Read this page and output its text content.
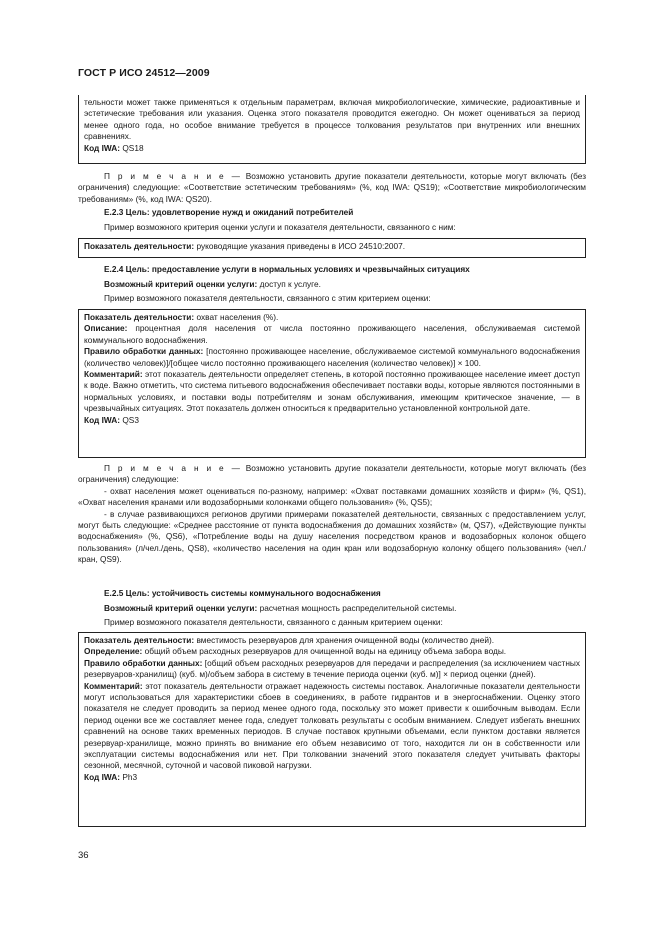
ГОСТ Р ИСО 24512—2009

тельности может также применяться к отдельным параметрам, включая микробиологические, химические, радиоактивные и эстетические требования или указания. Оценка этого показателя проводится ежегодно. Он может оцениваться за период менее одного года, но особое внимание требуется в процессе толкования результатов при внутренних или внешних сравнениях.

Код IWA: QS18

П р и м е ч а н и е — Возможно установить другие показатели деятельности, которые могут включать (без ограничения) следующие: «Соответствие эстетическим требованиям» (%, код IWA: QS19); «Соответствие микробиологическим требованиям» (%, код IWA: QS20).

E.2.3 Цель: удовлетворение нужд и ожиданий потребителей

Пример возможного критерия оценки услуги и показателя деятельности, связанного с ним:

Показатель деятельности: руководящие указания приведены в ИСО 24510:2007.

E.2.4 Цель: предоставление услуги в нормальных условиях и чрезвычайных ситуациях

Возможный критерий оценки услуги: доступ к услуге.

Пример возможного показателя деятельности, связанного с этим критерием оценки:

Показатель деятельности: охват населения (%).

Описание: процентная доля населения от числа постоянно проживающего населения, обслуживаемая системой коммунального водоснабжения.

Правило обработки данных: [постоянно проживающее население, обслуживаемое системой коммунального водоснабжения (количество человек)]/[общее число постоянно проживающего населения (количество человек)] × 100.

Комментарий: этот показатель деятельности определяет степень, в которой постоянно проживающее население имеет доступ к воде. Важно отметить, что система питьевого водоснабжения обеспечивает поставки воды, которые являются постоянными в нормальных условиях, и поставки воды потребителям и зонам обслуживания, имеющим критическое значение, — в чрезвычайных ситуациях. Этот показатель должен относиться к предварительно установленной контрольной дате.

Код IWA: QS3

П р и м е ч а н и е — Возможно установить другие показатели деятельности, которые могут включать (без ограничения) следующие:

- охват населения может оцениваться по-разному, например: «Охват поставками домашних хозяйств и фирм» (%, QS1), «Охват населения кранами или водозаборными колонками общего пользования» (%, QS5);

- в случае развивающихся регионов другими примерами показателей деятельности, связанных с предоставлением услуг, могут быть следующие: «Среднее расстояние от пункта водоснабжения до домашних хозяйств» (м, QS7), «Действующие пункты водоснабжения» (%, QS6), «Потребление воды на душу населения посредством кранов и водозаборных колонок общего пользования» (л/чел./день, QS8), «количество населения на один кран или водозаборную колонку общего пользования» (чел./кран, QS9).

E.2.5 Цель: устойчивость системы коммунального водоснабжения

Возможный критерий оценки услуги: расчетная мощность распределительной системы.

Пример возможного показателя деятельности, связанного с данным критерием оценки:

Показатель деятельности: вместимость резервуаров для хранения очищенной воды (количество дней).

Определение: общий объем расходных резервуаров для очищенной воды на единицу объема забора воды.

Правило обработки данных: [общий объем расходных резервуаров для передачи и распределения (за исключением частных резервуаров-хранилищ) (куб. м)/объем забора в систему в течение периода оценки (куб. м)] × период оценки (дней).

Комментарий: этот показатель деятельности отражает надежность системы поставок. Аналогичные показатели деятельности могут использоваться для характеристики сбоев в соединениях, в работе гидрантов и в энергоснабжении. Оценку этого показателя не следует проводить за период менее одного года, поскольку это может привести к ошибочным выводам. Если период оценки все же составляет менее года, следует толковать результаты с особым вниманием. Следует избегать внешних сравнений на основе таких временных периодов. В случае поставок крупными объемами, если пунктом доставки является резервуар-хранилище, можно принять во внимание его объем независимо от того, находится ли он в собственности или эксплуатации системы водоснабжения или нет. При толковании значений этого показателя следует учитывать факторы сезонной, месячной, суточной и часовой пиковой нагрузки.

Код IWA: Ph3

36
